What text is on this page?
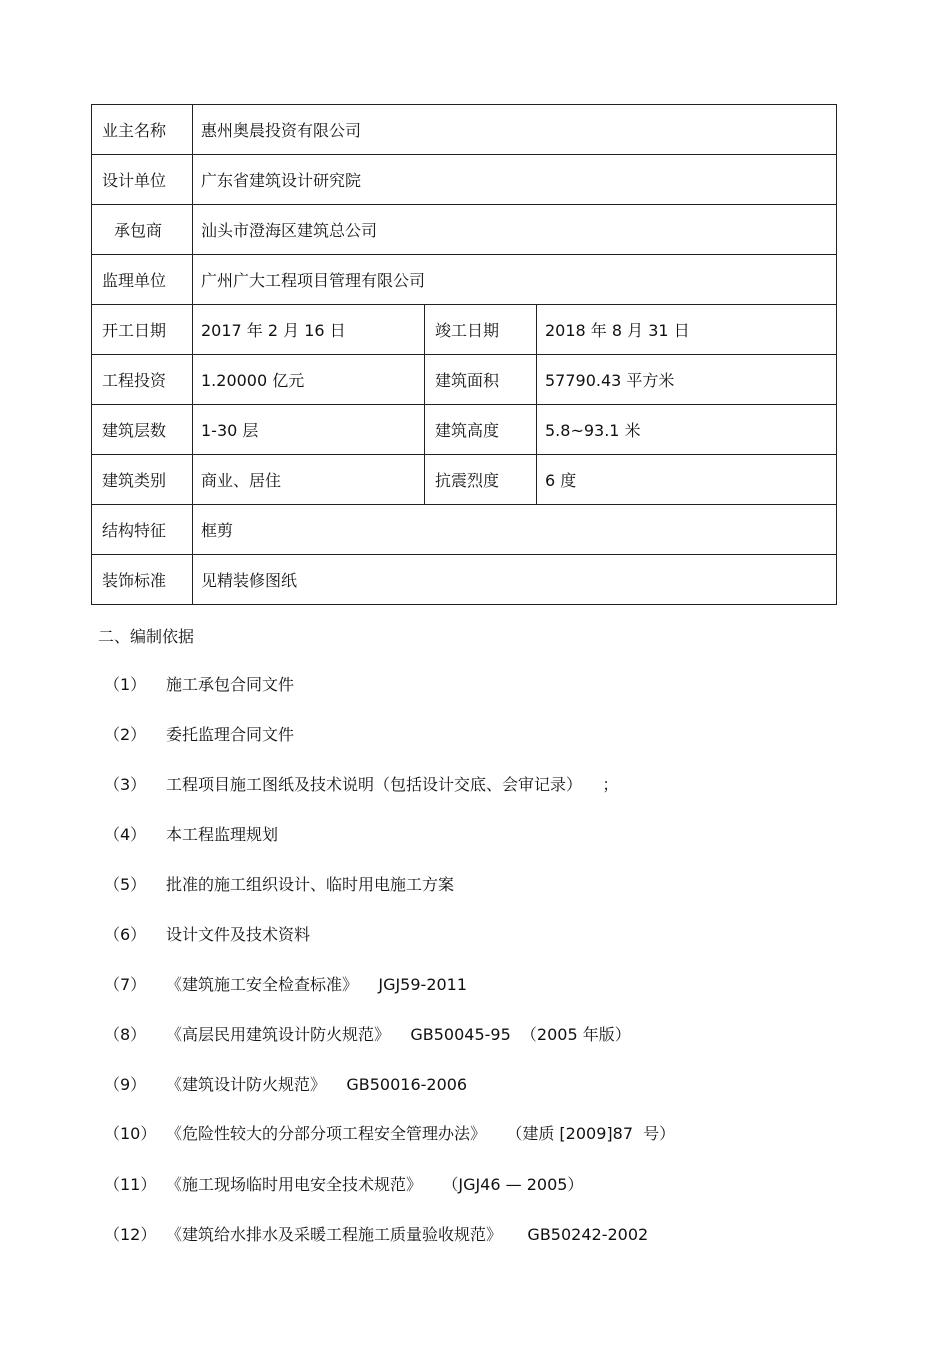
业主名称	惠州奥晨投资有限公司		
设计单位	广东省建筑设计研究院		
承包商	汕头市澄海区建筑总公司		
监理单位	广州广大工程项目管理有限公司		
开工日期	2017 年 2 月 16 日	竣工日期	2018 年 8 月 31 日
工程投资	1.20000 亿元	建筑面积	57790.43 平方米
建筑层数	1-30 层	建筑高度	5.8~93.1 米
建筑类别	商业、居住	抗震烈度	6 度
结构特征	框剪		
装饰标准	见精装修图纸		
二、编制依据
（1） 施工承包合同文件
（2） 委托监理合同文件
（3） 工程项目施工图纸及技术说明（包括设计交底、会审记录）    ；
（4） 本工程监理规划
（5） 批准的施工组织设计、临时用电施工方案
（6） 设计文件及技术资料
（7） 《建筑施工安全检查标准》    JGJ59-2011
（8） 《高层民用建筑设计防火规范》    GB50045-95  （2005 年版）
（9） 《建筑设计防火规范》    GB50016-2006
（10） 《危险性较大的分部分项工程安全管理办法》    （建质 [2009]87  号）
（11） 《施工现场临时用电安全技术规范》    （JGJ46 — 2005）
（12） 《建筑给水排水及采暖工程施工质量验收规范》     GB50242-2002
